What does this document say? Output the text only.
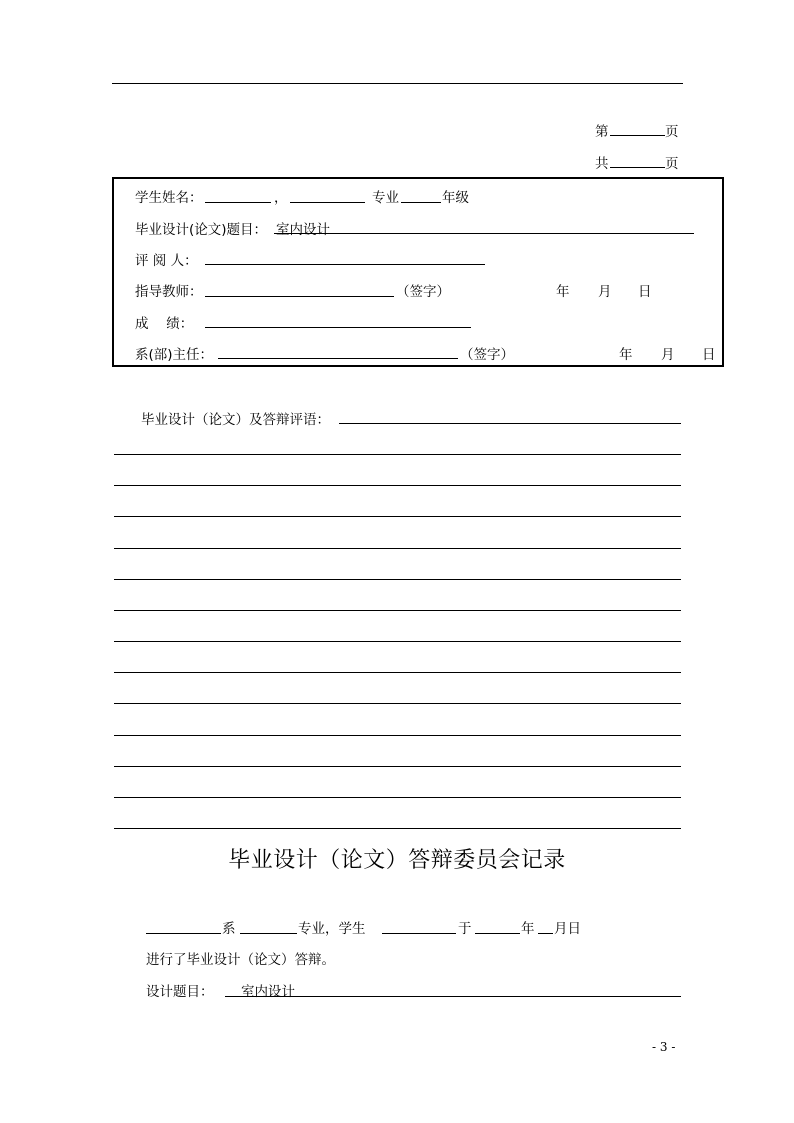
第	页
共	页
学生姓名：	，	专业	年级
毕业设计(论文)题目： 室内设计
评 阅 人：
指导教师：	（签字）	年 月 日
成　 绩：
系(部)主任：	（签字）	年 月 日
毕业设计（论文）及答辩评语：
毕业设计（论文）答辩委员会记录
系	专业，学生	于	年 月日
进行了毕业设计（论文）答辩。
设计题目： 室内设计
- 3 -
